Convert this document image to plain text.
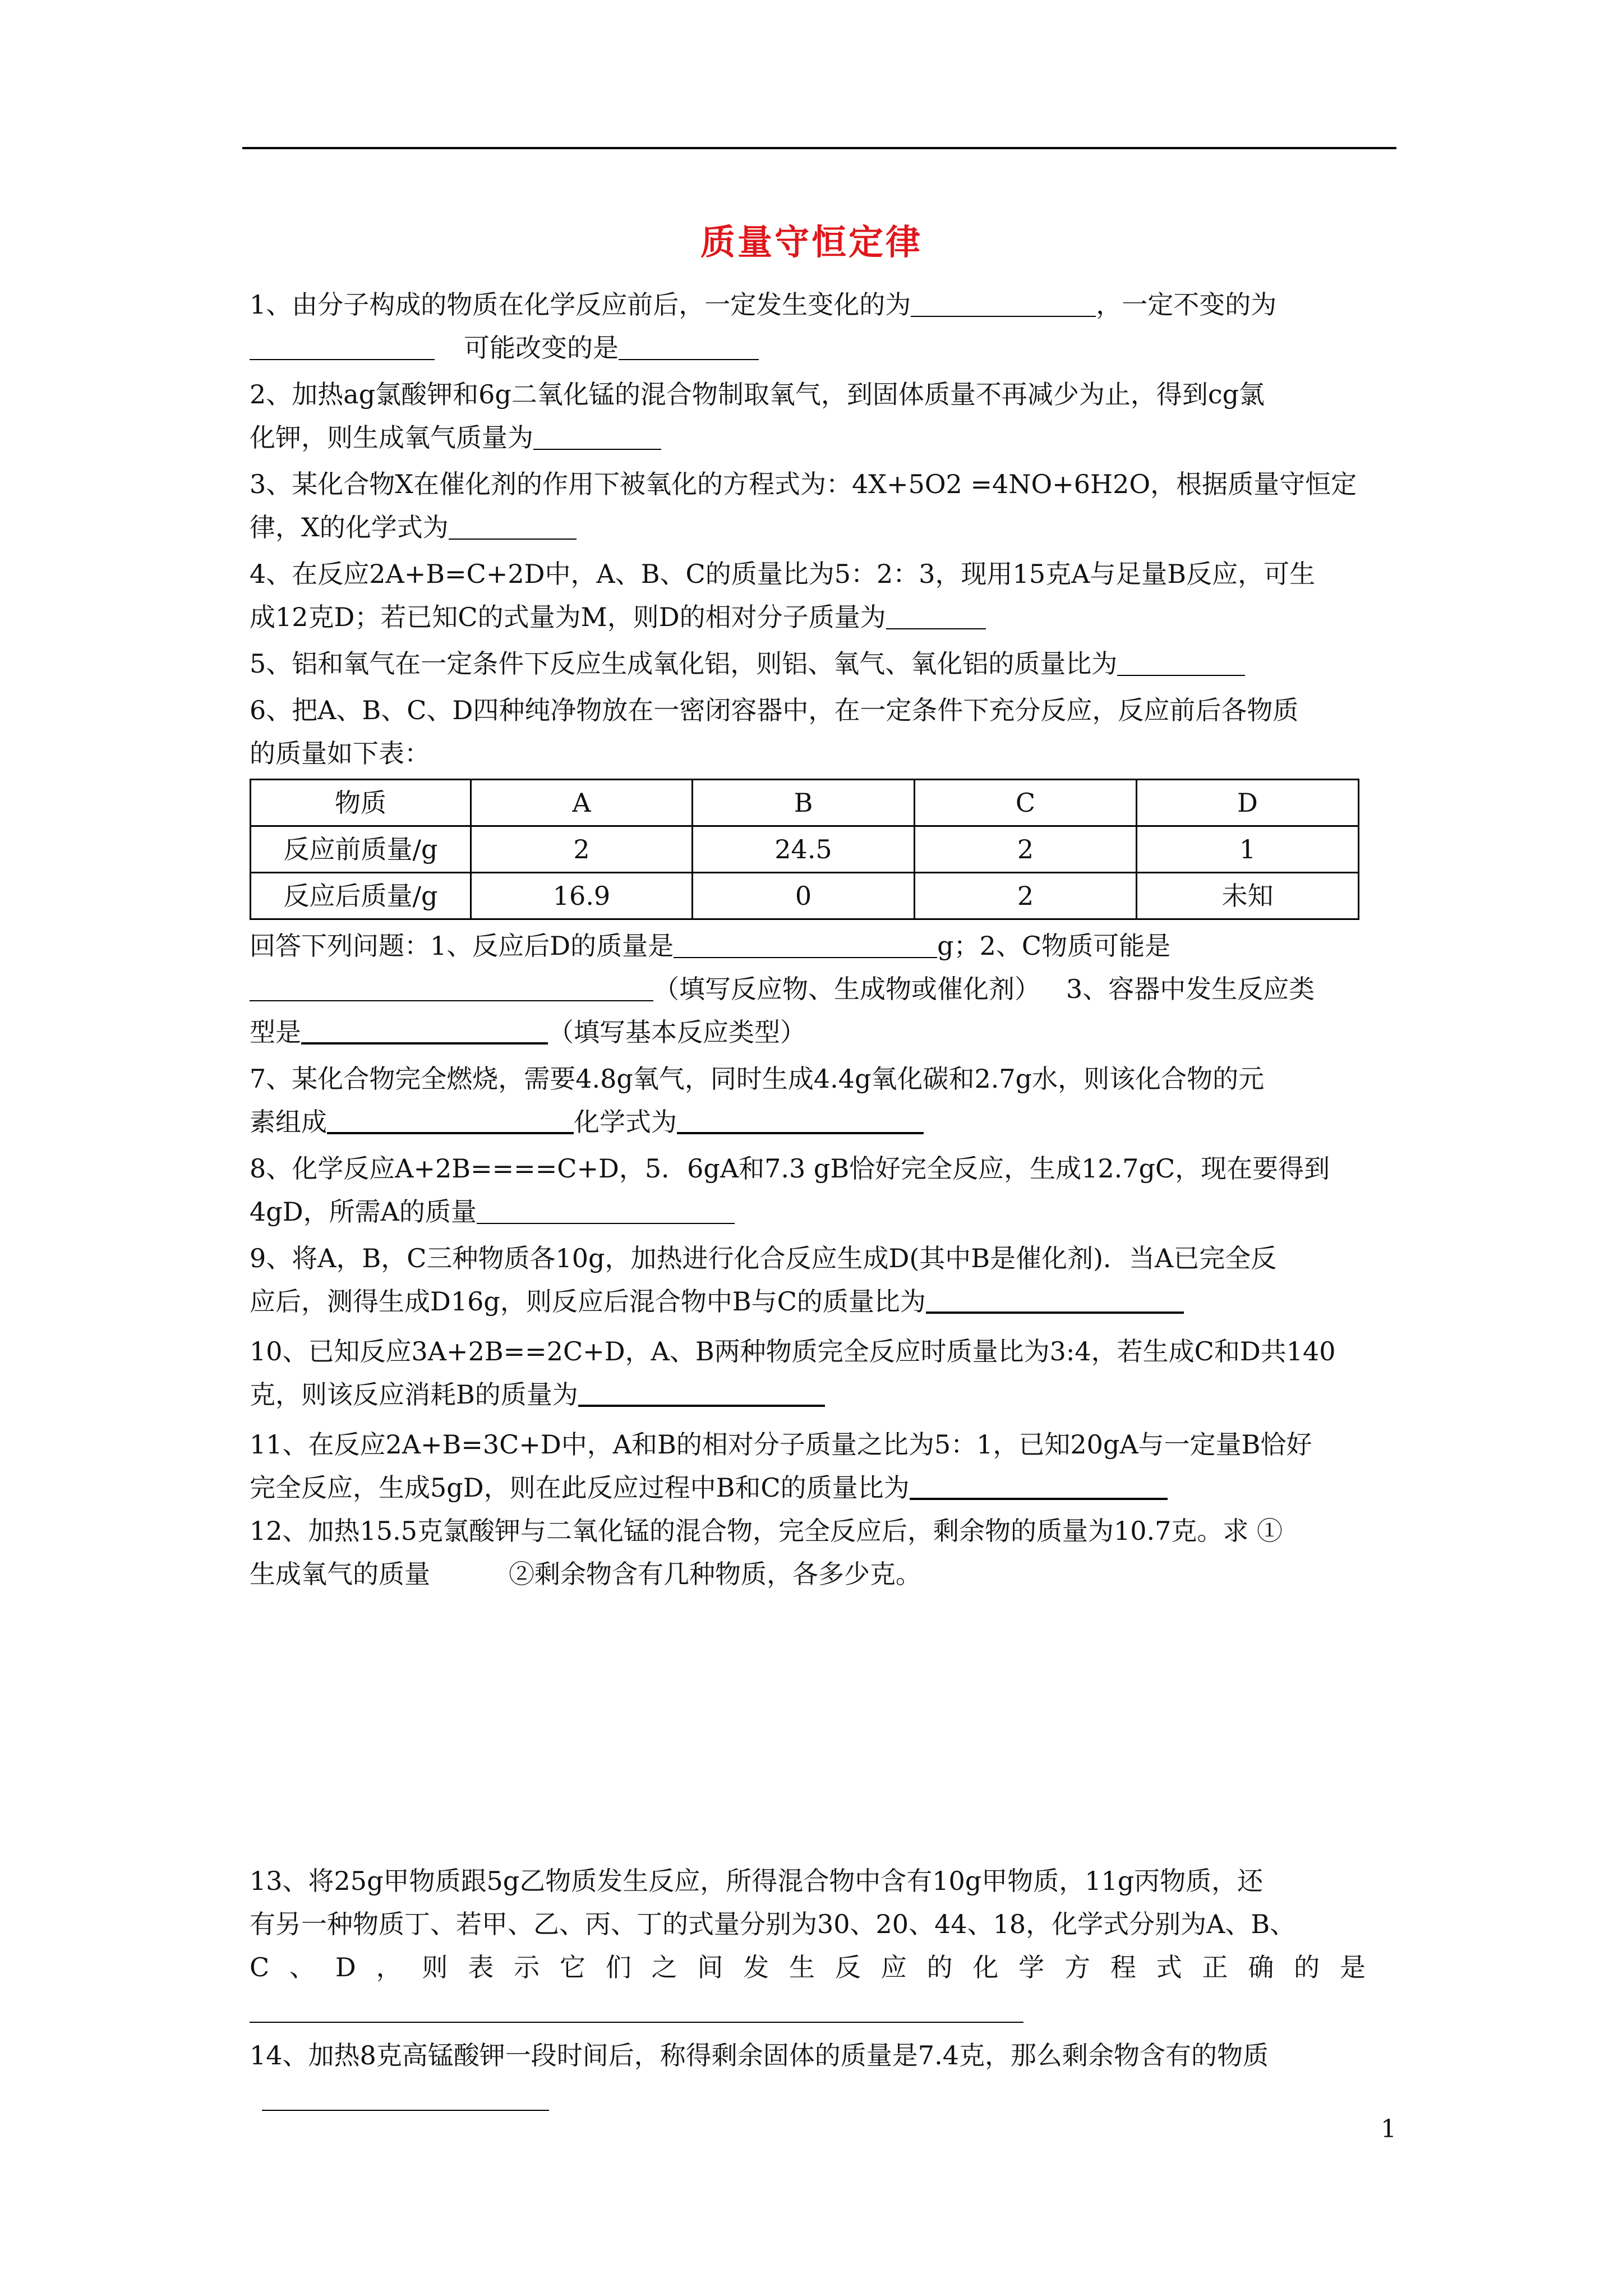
质量守恒定律
1、由分子构成的物质在化学反应前后，一定发生变化的为	，一定不变的为
可能改变的是
2、加热ag氯酸钾和6g二氧化锰的混合物制取氧气，到固体质量不再减少为止，得到cg氯
化钾，则生成氧气质量为
3、某化合物X在催化剂的作用下被氧化的方程式为：4X+5O2 =4NO+6H2O，根据质量守恒定
律，X的化学式为
4、在反应2A+B=C+2D中，A、B、C的质量比为5：2：3，现用15克A与足量B反应，可生
成12克D；若已知C的式量为M，则D的相对分子质量为
5、铝和氧气在一定条件下反应生成氧化铝，则铝、氧气、氧化铝的质量比为
6、把A、B、C、D四种纯净物放在一密闭容器中，在一定条件下充分反应，反应前后各物质
的质量如下表：
物质	A	B	C	D
反应前质量/g	2	24.5	2	1
反应后质量/g	16.9	0	2	未知
回答下列问题：1、反应后D的质量是	g；2、C物质可能是
（填写反应物、生成物或催化剂） 3、容器中发生反应类
型是	（填写基本反应类型）
7、某化合物完全燃烧，需要4.8g氧气，同时生成4.4g氧化碳和2.7g水，则该化合物的元
素组成	化学式为
8、化学反应A+2B====C+D，5．6gA和7.3 gB恰好完全反应，生成12.7gC，现在要得到
4gD，所需A的质量
9、将A，B，C三种物质各10g，加热进行化合反应生成D(其中B是催化剂)．当A已完全反
应后，测得生成D16g，则反应后混合物中B与C的质量比为
10、已知反应3A+2B==2C+D，A、B两种物质完全反应时质量比为3:4，若生成C和D共140
克，则该反应消耗B的质量为
11、在反应2A+B=3C+D中，A和B的相对分子质量之比为5：1，已知20gA与一定量B恰好
完全反应，生成5gD，则在此反应过程中B和C的质量比为
12、加热15.5克氯酸钾与二氧化锰的混合物，完全反应后，剩余物的质量为10.7克。求 ①
生成氧气的质量	②剩余物含有几种物质，各多少克。
13、将25g甲物质跟5g乙物质发生反应，所得混合物中含有10g甲物质，11g丙物质，还
有另一种物质丁、若甲、乙、丙、丁的式量分别为30、20、44、18，化学式分别为A、B、
C 、 D ， 则 表 示 它 们 之 间 发 生 反 应 的 化 学 方 程 式 正 确 的 是
14、加热8克高锰酸钾一段时间后，称得剩余固体的质量是7.4克，那么剩余物含有的物质
1
